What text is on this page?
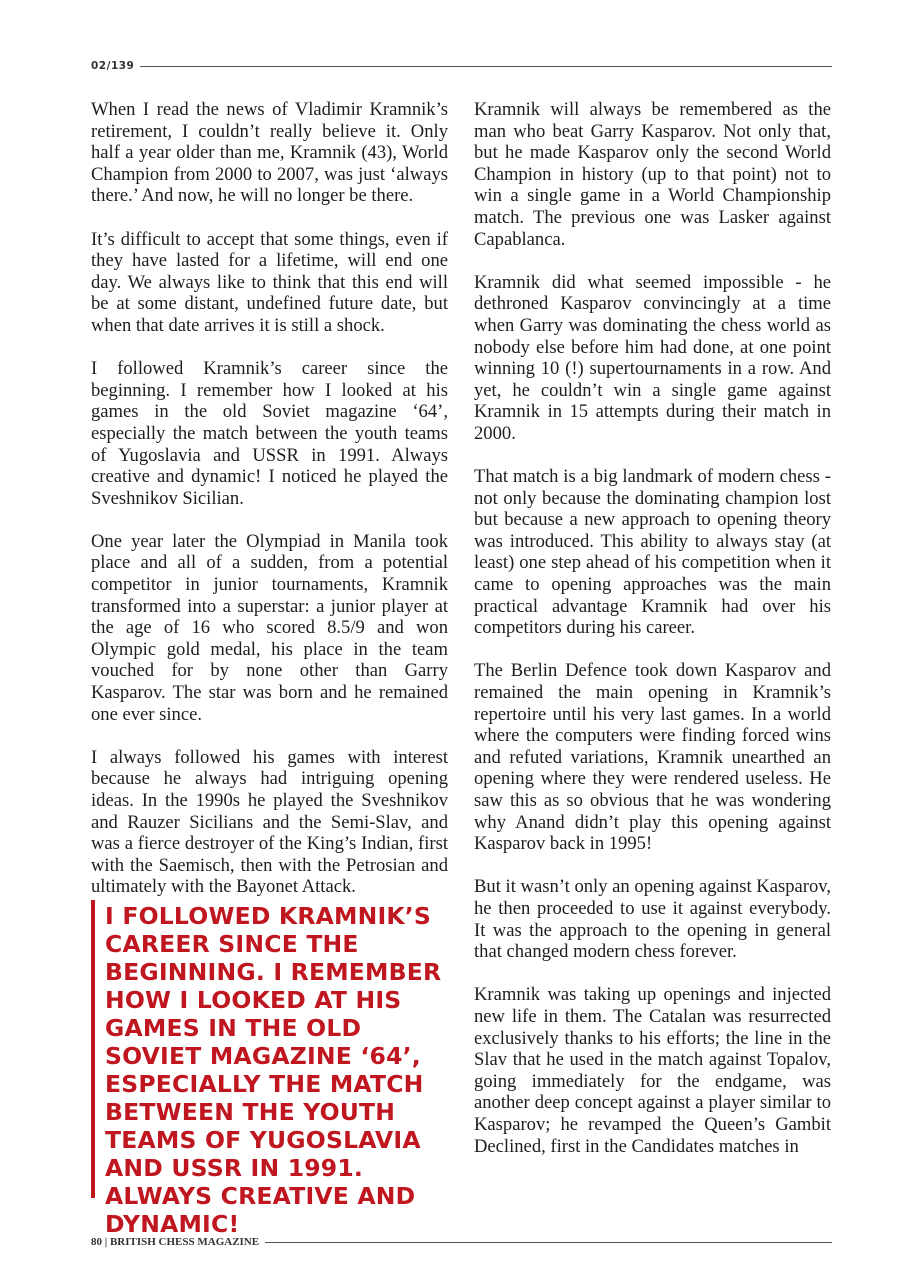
02/139

When I read the news of Vladimir Kramnik’s retirement, I couldn’t really believe it. Only half a year older than me, Kramnik (43), World Champion from 2000 to 2007, was just ‘always there.’ And now, he will no longer be there.

It’s difficult to accept that some things, even if they have lasted for a lifetime, will end one day. We always like to think that this end will be at some distant, undefined future date, but when that date arrives it is still a shock.

I followed Kramnik’s career since the beginning. I remember how I looked at his games in the old Soviet magazine ‘64’, especially the match between the youth teams of Yugoslavia and USSR in 1991. Always creative and dynamic! I noticed he played the Sveshnikov Sicilian.

One year later the Olympiad in Manila took place and all of a sudden, from a potential competitor in junior tournaments, Kramnik transformed into a superstar: a junior player at the age of 16 who scored 8.5/9 and won Olympic gold medal, his place in the team vouched for by none other than Garry Kasparov. The star was born and he remained one ever since.

I always followed his games with interest because he always had intriguing opening ideas. In the 1990s he played the Sveshnikov and Rauzer Sicilians and the Semi-Slav, and was a fierce destroyer of the King’s Indian, first with the Saemisch, then with the Petrosian and ultimately with the Bayonet Attack.

I FOLLOWED KRAMNIK’S CAREER SINCE THE BEGINNING. I REMEMBER HOW I LOOKED AT HIS GAMES IN THE OLD SOVIET MAGAZINE ‘64’, ESPECIALLY THE MATCH BETWEEN THE YOUTH TEAMS OF YUGOSLAVIA AND USSR IN 1991. ALWAYS CREATIVE AND DYNAMIC!

Kramnik will always be remembered as the man who beat Garry Kasparov. Not only that, but he made Kasparov only the second World Champion in history (up to that point) not to win a single game in a World Championship match. The previous one was Lasker against Capablanca.

Kramnik did what seemed impossible - he dethroned Kasparov convincingly at a time when Garry was dominating the chess world as nobody else before him had done, at one point winning 10 (!) supertournaments in a row. And yet, he couldn’t win a single game against Kramnik in 15 attempts during their match in 2000.

That match is a big landmark of modern chess - not only because the dominating champion lost but because a new approach to opening theory was introduced. This ability to always stay (at least) one step ahead of his competition when it came to opening approaches was the main practical advantage Kramnik had over his competitors during his career.

The Berlin Defence took down Kasparov and remained the main opening in Kramnik’s repertoire until his very last games. In a world where the computers were finding forced wins and refuted variations, Kramnik unearthed an opening where they were rendered useless. He saw this as so obvious that he was wondering why Anand didn’t play this opening against Kasparov back in 1995!

But it wasn’t only an opening against Kasparov, he then proceeded to use it against everybody. It was the approach to the opening in general that changed modern chess forever.

Kramnik was taking up openings and injected new life in them. The Catalan was resurrected exclusively thanks to his efforts; the line in the Slav that he used in the match against Topalov, going immediately for the endgame, was another deep concept against a player similar to Kasparov; he revamped the Queen’s Gambit Declined, first in the Candidates matches in

80 | BRITISH CHESS MAGAZINE
